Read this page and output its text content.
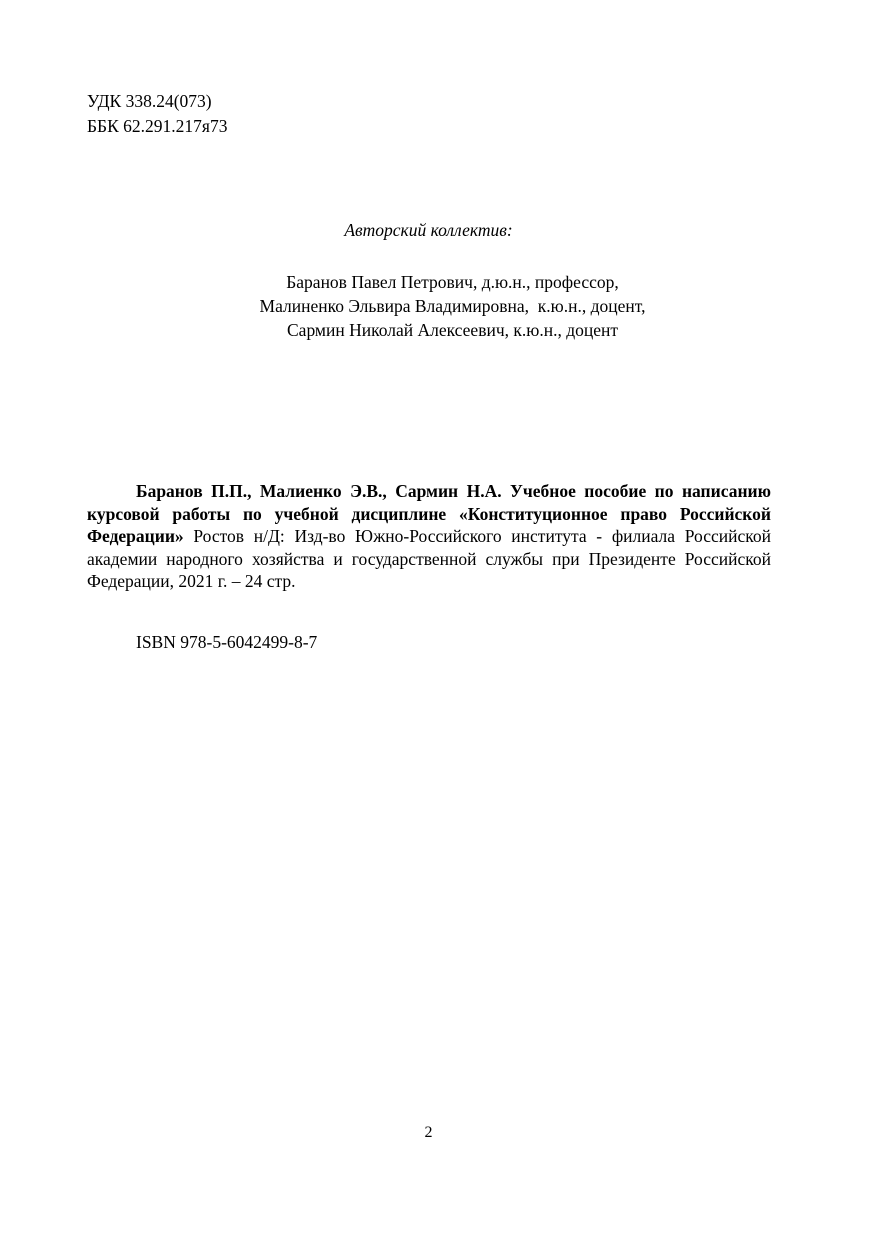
УДК 338.24(073)
ББК 62.291.217я73
Авторский коллектив:
Баранов Павел Петрович, д.ю.н., профессор,
Малиненко Эльвира Владимировна,  к.ю.н., доцент,
Сармин Николай Алексеевич, к.ю.н., доцент
Баранов П.П., Малиенко Э.В., Сармин Н.А. Учебное пособие по написанию курсовой работы по учебной дисциплине «Конституционное право Российской Федерации» Ростов н/Д: Изд-во Южно-Российского института - филиала Российской академии народного хозяйства и государственной службы при Президенте Российской Федерации, 2021 г. – 24 стр.
ISBN 978-5-6042499-8-7
2
